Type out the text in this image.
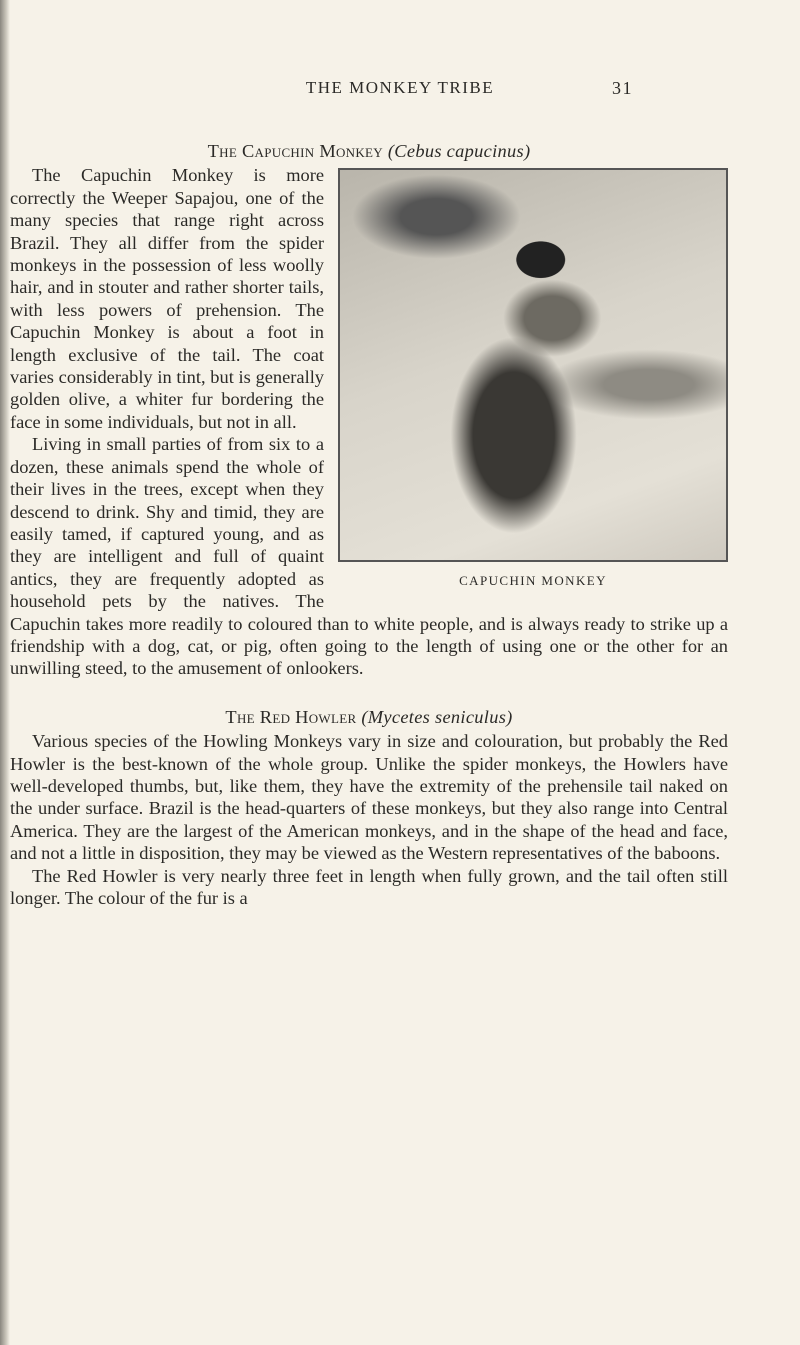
THE MONKEY TRIBE	31
The Capuchin Monkey (Cebus capucinus)
CAPUCHIN MONKEY

The Capuchin Monkey is more correctly the Weeper Sapajou, one of the many species that range right across Brazil. They all differ from the spider monkeys in the possession of less woolly hair, and in stouter and rather shorter tails, with less powers of prehension. The Capuchin Monkey is about a foot in length exclusive of the tail. The coat varies considerably in tint, but is generally golden olive, a whiter fur bordering the face in some individuals, but not in all.

Living in small parties of from six to a dozen, these animals spend the whole of their lives in the trees, except when they descend to drink. Shy and timid, they are easily tamed, if captured young, and as they are intelligent and full of quaint antics, they are frequently adopted as household pets by the natives. The Capuchin takes more readily to coloured than to white people, and is always ready to strike up a friendship with a dog, cat, or pig, often going to the length of using one or the other for an unwilling steed, to the amusement of onlookers.

The Red Howler (Mycetes seniculus)

Various species of the Howling Monkeys vary in size and colouration, but probably the Red Howler is the best-known of the whole group. Unlike the spider monkeys, the Howlers have well-developed thumbs, but, like them, they have the extremity of the prehensile tail naked on the under surface. Brazil is the head-quarters of these monkeys, but they also range into Central America. They are the largest of the American monkeys, and in the shape of the head and face, and not a little in disposition, they may be viewed as the Western representatives of the baboons.

The Red Howler is very nearly three feet in length when fully grown, and the tail often still longer. The colour of the fur is a
